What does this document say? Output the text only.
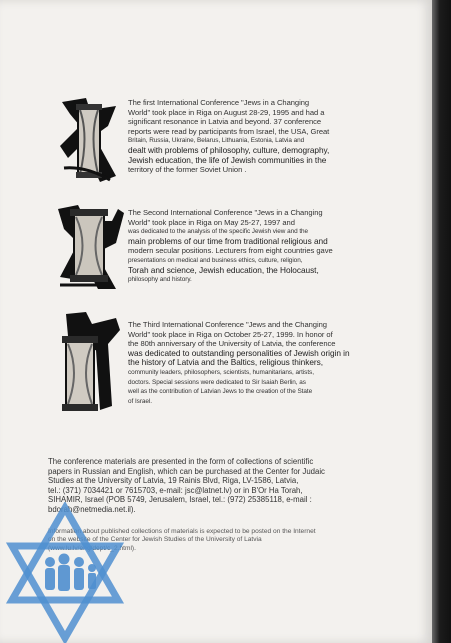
The first International Conference "Jews in a Changing
World" took place in Riga on August 28-29, 1995 and had a
significant resonance in Latvia and beyond. 37 conference
reports were read by participants from Israel, the USA, Great
Britain, Russia, Ukraine, Belarus, Lithuania, Estonia, Latvia and
dealt with problems of philosophy, culture, demography,
Jewish education, the life of Jewish communities in the
territory of the former Soviet Union .
The Second International Conference "Jews in a Changing
World" took place in Riga on May 25-27, 1997 and
was dedicated to the analysis of the specific Jewish view and the
main problems of our time from traditional religious and
modern secular positions. Lecturers from eight countries gave
presentations on medical and business ethics, culture, religion,
Torah and science, Jewish education, the Holocaust,
philosophy and history.
The Third International Conference "Jews and the Changing
World" took place in Riga on October 25-27, 1999. In honor of
the 80th anniversary of the University of Latvia, the conference
was dedicated to outstanding personalities of Jewish origin in
the history of Latvia and the Baltics, religious thinkers,
community leaders, philosophers, scientists, humanitarians, artists,
doctors. Special sessions were dedicated to Sir Isaiah Berlin, as
well as the contribution of Latvian Jews to the creation of the State
of Israel.
The conference materials are presented in the form of collections of scientific
papers in Russian and English, which can be purchased at the Center for Judaic
Studies at the University of Latvia, 19 Rainis Blvd, Riga, LV-1586, Latvia,
tel.: (371) 7034421 or 7615703, e-mail: jsc@latnet.lv) or in B'Or Ha Torah,
SIHAMIR, Israel (POB 5749, Jerusalem, Israel, tel.: (972) 25385118, e-mail :
bdorah@netmedia.net.il).
Information about published collections of materials is expected to be posted on the Internet
on the website of the Center for Jewish Studies of the University of Latvia
(www.lu.lv/eng/dept/c_2.html).
